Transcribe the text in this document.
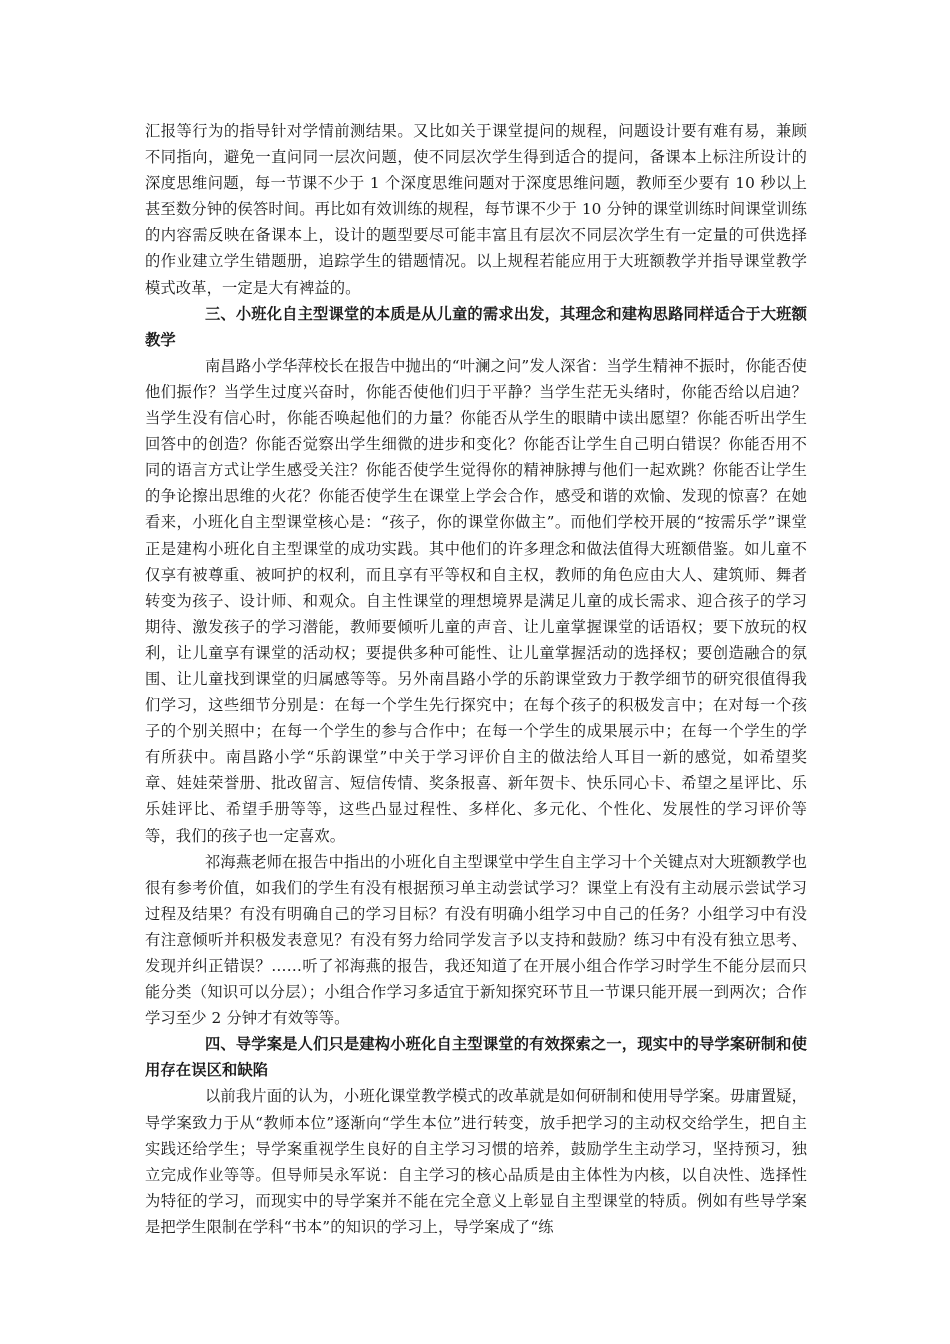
汇报等行为的指导针对学情前测结果。又比如关于课堂提问的规程，问题设计要有难有易，兼顾不同指向，避免一直问同一层次问题，使不同层次学生得到适合的提问，备课本上标注所设计的深度思维问题，每一节课不少于 1 个深度思维问题对于深度思维问题，教师至少要有 10 秒以上甚至数分钟的侯答时间。再比如有效训练的规程，每节课不少于 10 分钟的课堂训练时间课堂训练的内容需反映在备课本上，设计的题型要尽可能丰富且有层次不同层次学生有一定量的可供选择的作业建立学生错题册，追踪学生的错题情况。以上规程若能应用于大班额教学并指导课堂教学模式改革，一定是大有裨益的。

三、小班化自主型课堂的本质是从儿童的需求出发，其理念和建构思路同样适合于大班额教学

南昌路小学华萍校长在报告中抛出的“叶澜之问”发人深省：当学生精神不振时，你能否使他们振作？当学生过度兴奋时，你能否使他们归于平静？当学生茫无头绪时，你能否给以启迪？当学生没有信心时，你能否唤起他们的力量？你能否从学生的眼睛中读出愿望？你能否听出学生回答中的创造？你能否觉察出学生细微的进步和变化？你能否让学生自己明白错误？你能否用不同的语言方式让学生感受关注？你能否使学生觉得你的精神脉搏与他们一起欢跳？你能否让学生的争论擦出思维的火花？你能否使学生在课堂上学会合作，感受和谐的欢愉、发现的惊喜？在她看来，小班化自主型课堂核心是：“孩子，你的课堂你做主”。而他们学校开展的“按需乐学”课堂正是建构小班化自主型课堂的成功实践。其中他们的许多理念和做法值得大班额借鉴。如儿童不仅享有被尊重、被呵护的权利，而且享有平等权和自主权，教师的角色应由大人、建筑师、舞者转变为孩子、设计师、和观众。自主性课堂的理想境界是满足儿童的成长需求、迎合孩子的学习期待、激发孩子的学习潜能，教师要倾听儿童的声音、让儿童掌握课堂的话语权；要下放玩的权利，让儿童享有课堂的活动权；要提供多种可能性、让儿童掌握活动的选择权；要创造融合的氛围、让儿童找到课堂的归属感等等。另外南昌路小学的乐韵课堂致力于教学细节的研究很值得我们学习，这些细节分别是：在每一个学生先行探究中；在每个孩子的积极发言中；在对每一个孩子的个别关照中；在每一个学生的参与合作中；在每一个学生的成果展示中；在每一个学生的学有所获中。南昌路小学“乐韵课堂”中关于学习评价自主的做法给人耳目一新的感觉，如希望奖章、娃娃荣誉册、批改留言、短信传情、奖条报喜、新年贺卡、快乐同心卡、希望之星评比、乐乐娃评比、希望手册等等，这些凸显过程性、多样化、多元化、个性化、发展性的学习评价等等，我们的孩子也一定喜欢。

祁海燕老师在报告中指出的小班化自主型课堂中学生自主学习十个关键点对大班额教学也很有参考价值，如我们的学生有没有根据预习单主动尝试学习？课堂上有没有主动展示尝试学习过程及结果？有没有明确自己的学习目标？有没有明确小组学习中自己的任务？小组学习中有没有注意倾听并积极发表意见？有没有努力给同学发言予以支持和鼓励？练习中有没有独立思考、发现并纠正错误？……听了祁海燕的报告，我还知道了在开展小组合作学习时学生不能分层而只能分类（知识可以分层）；小组合作学习多适宜于新知探究环节且一节课只能开展一到两次；合作学习至少 2 分钟才有效等等。

四、导学案是人们只是建构小班化自主型课堂的有效探索之一，现实中的导学案研制和使用存在误区和缺陷

以前我片面的认为，小班化课堂教学模式的改革就是如何研制和使用导学案。毋庸置疑，导学案致力于从“教师本位”逐渐向“学生本位”进行转变，放手把学习的主动权交给学生，把自主实践还给学生；导学案重视学生良好的自主学习习惯的培养，鼓励学生主动学习，坚持预习，独立完成作业等等。但导师吴永军说：自主学习的核心品质是由主体性为内核，以自决性、选择性为特征的学习，而现实中的导学案并不能在完全意义上彰显自主型课堂的特质。例如有些导学案是把学生限制在学科“书本”的知识的学习上，导学案成了“练
